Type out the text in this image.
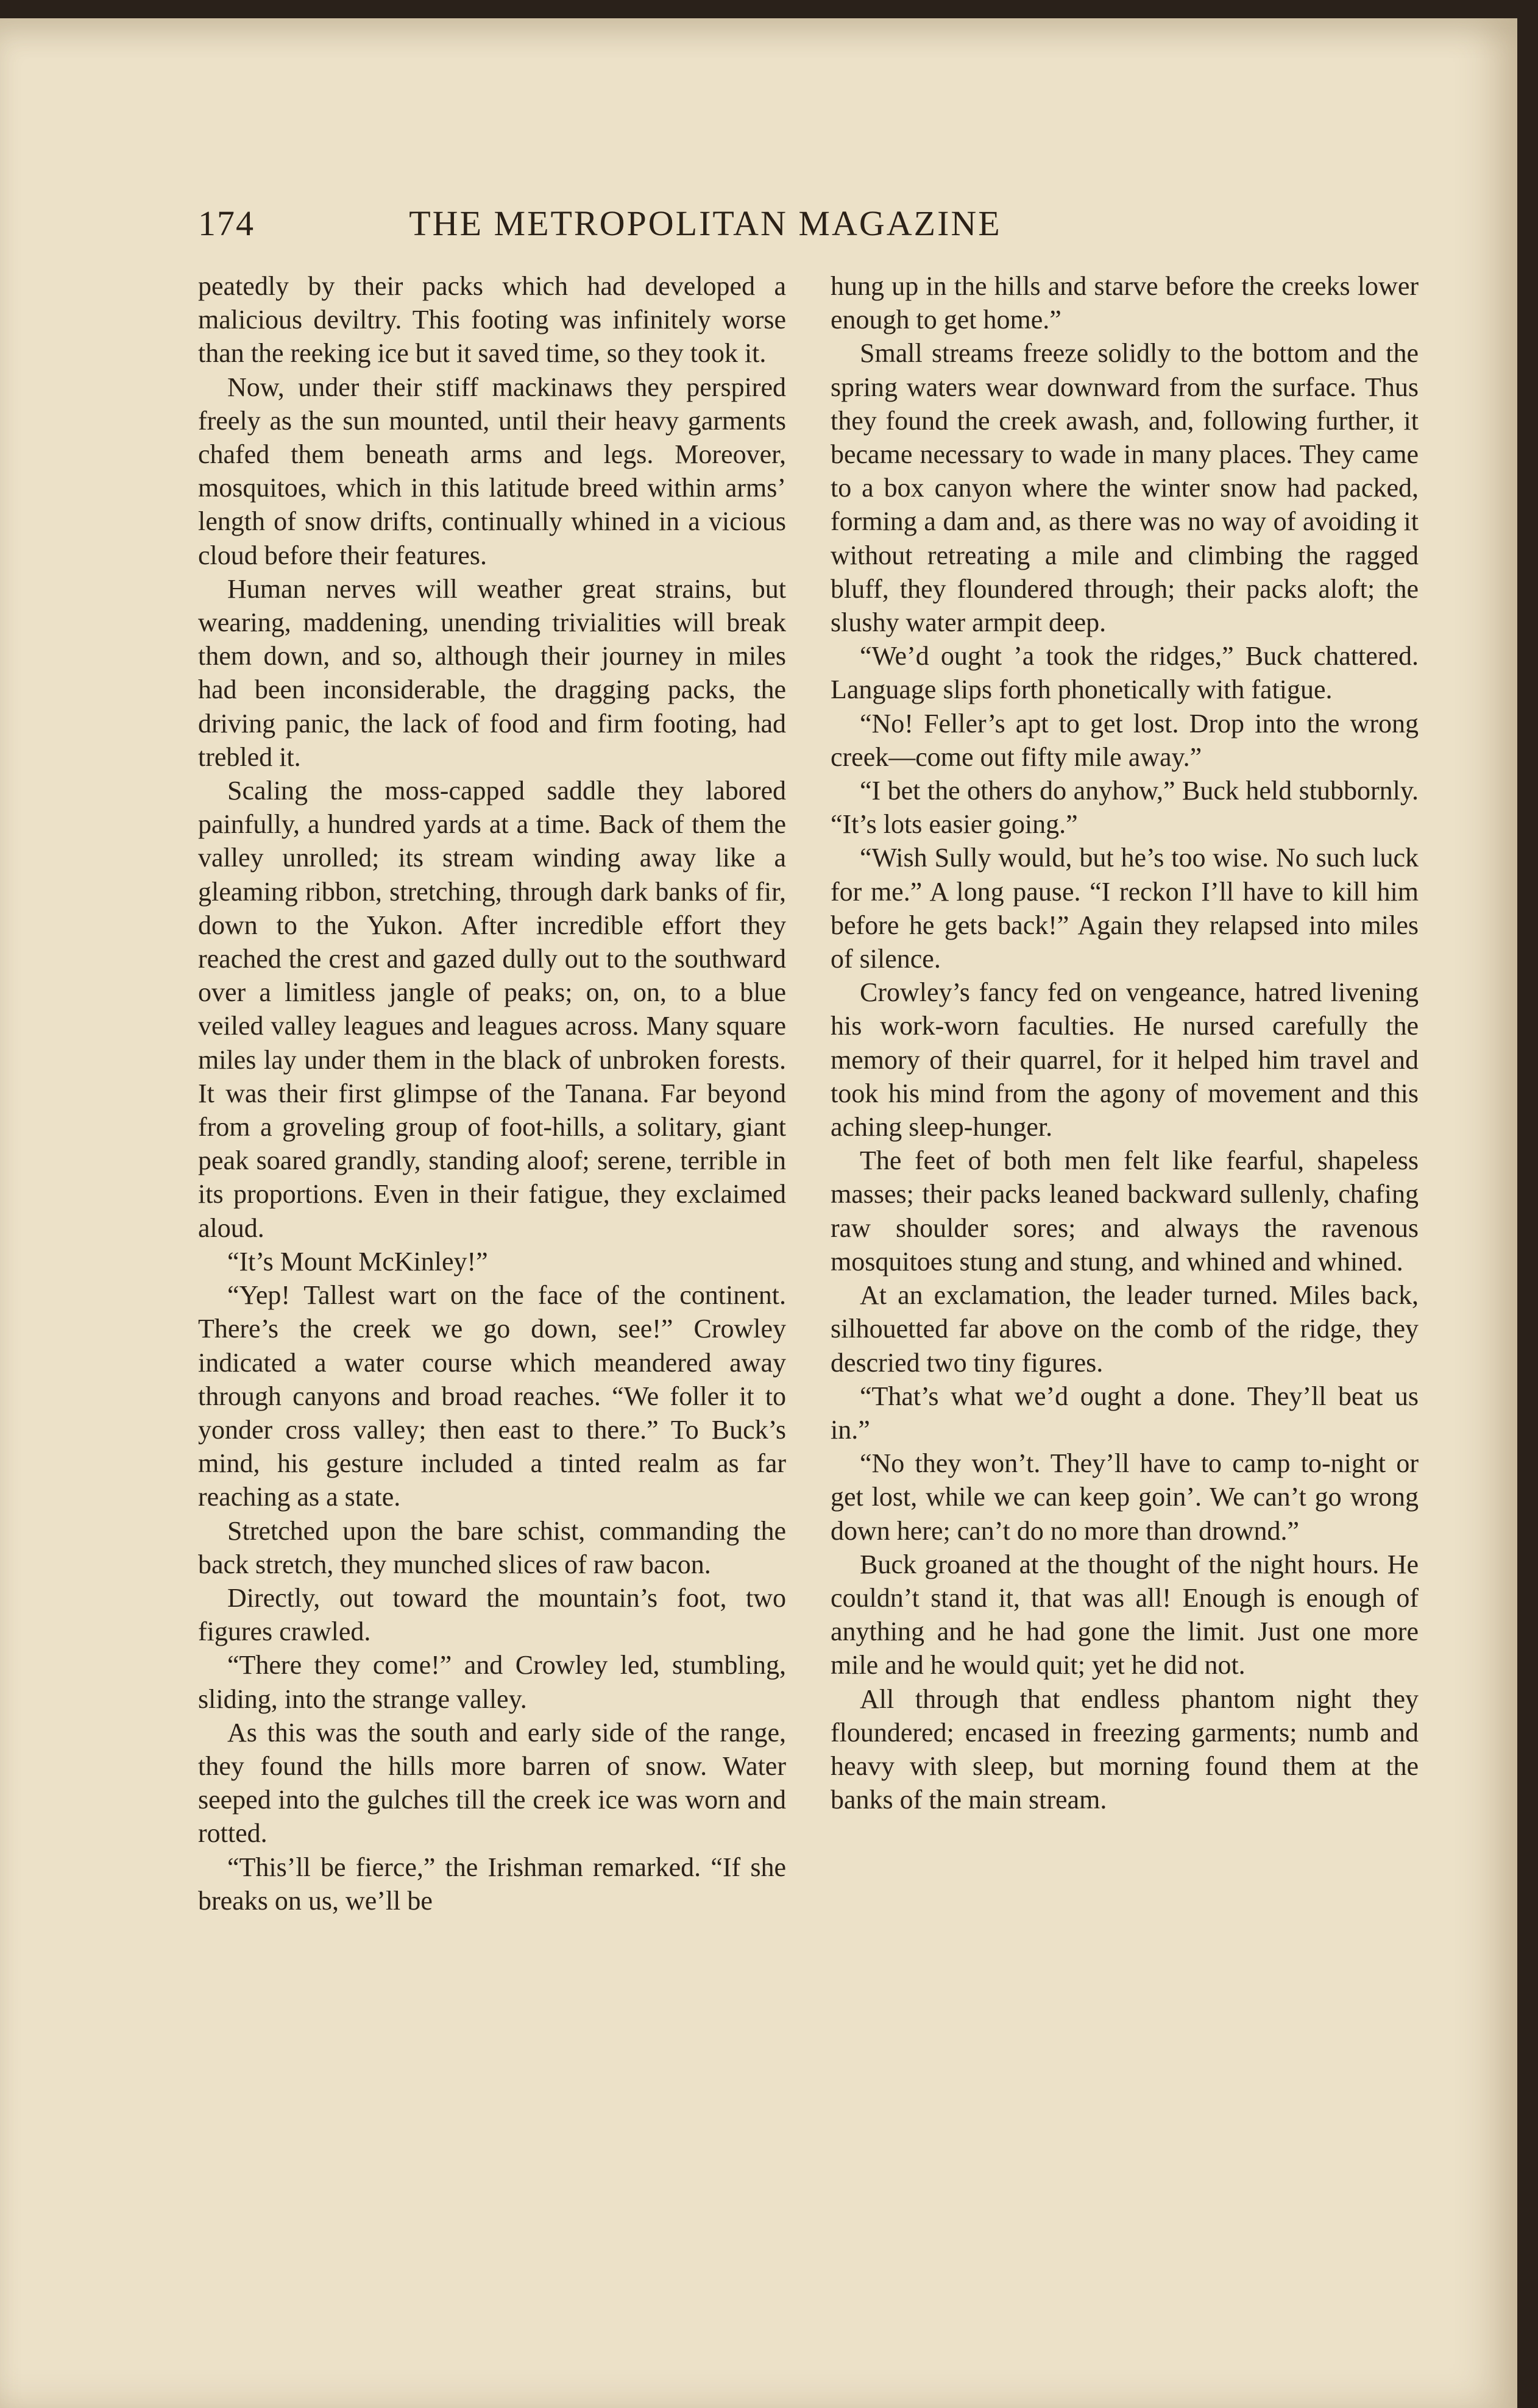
174	THE METROPOLITAN MAGAZINE

peatedly by their packs which had developed a malicious deviltry. This footing was infinitely worse than the reeking ice but it saved time, so they took it.

Now, under their stiff mackinaws they perspired freely as the sun mounted, until their heavy garments chafed them beneath arms and legs. Moreover, mosquitoes, which in this latitude breed within arms’ length of snow drifts, continually whined in a vicious cloud before their features.

Human nerves will weather great strains, but wearing, maddening, unending trivialities will break them down, and so, although their journey in miles had been inconsiderable, the dragging packs, the driving panic, the lack of food and firm footing, had trebled it.

Scaling the moss-capped saddle they labored painfully, a hundred yards at a time. Back of them the valley unrolled; its stream winding away like a gleaming ribbon, stretching, through dark banks of fir, down to the Yukon. After incredible effort they reached the crest and gazed dully out to the southward over a limitless jangle of peaks; on, on, to a blue veiled valley leagues and leagues across. Many square miles lay under them in the black of unbroken forests. It was their first glimpse of the Tanana. Far beyond from a groveling group of foot-hills, a solitary, giant peak soared grandly, standing aloof; serene, terrible in its proportions. Even in their fatigue, they exclaimed aloud.

“It’s Mount McKinley!”

“Yep! Tallest wart on the face of the continent. There’s the creek we go down, see!” Crowley indicated a water course which meandered away through canyons and broad reaches. “We foller it to yonder cross valley; then east to there.” To Buck’s mind, his gesture included a tinted realm as far reaching as a state.

Stretched upon the bare schist, commanding the back stretch, they munched slices of raw bacon.

Directly, out toward the mountain’s foot, two figures crawled.

“There they come!” and Crowley led, stumbling, sliding, into the strange valley.

As this was the south and early side of the range, they found the hills more barren of snow. Water seeped into the gulches till the creek ice was worn and rotted.

“This’ll be fierce,” the Irishman remarked. “If she breaks on us, we’ll be

hung up in the hills and starve before the creeks lower enough to get home.”

Small streams freeze solidly to the bottom and the spring waters wear downward from the surface. Thus they found the creek awash, and, following further, it became necessary to wade in many places. They came to a box canyon where the winter snow had packed, forming a dam and, as there was no way of avoiding it without retreating a mile and climbing the ragged bluff, they floundered through; their packs aloft; the slushy water armpit deep.

“We’d ought ’a took the ridges,” Buck chattered. Language slips forth phonetically with fatigue.

“No! Feller’s apt to get lost. Drop into the wrong creek—come out fifty mile away.”

“I bet the others do anyhow,” Buck held stubbornly. “It’s lots easier going.”

“Wish Sully would, but he’s too wise. No such luck for me.” A long pause. “I reckon I’ll have to kill him before he gets back!” Again they relapsed into miles of silence.

Crowley’s fancy fed on vengeance, hatred livening his work-worn faculties. He nursed carefully the memory of their quarrel, for it helped him travel and took his mind from the agony of movement and this aching sleep-hunger.

The feet of both men felt like fearful, shapeless masses; their packs leaned backward sullenly, chafing raw shoulder sores; and always the ravenous mosquitoes stung and stung, and whined and whined.

At an exclamation, the leader turned. Miles back, silhouetted far above on the comb of the ridge, they descried two tiny figures.

“That’s what we’d ought a done. They’ll beat us in.”

“No they won’t. They’ll have to camp to-night or get lost, while we can keep goin’. We can’t go wrong down here; can’t do no more than drownd.”

Buck groaned at the thought of the night hours. He couldn’t stand it, that was all! Enough is enough of anything and he had gone the limit. Just one more mile and he would quit; yet he did not.

All through that endless phantom night they floundered; encased in freezing garments; numb and heavy with sleep, but morning found them at the banks of the main stream.
